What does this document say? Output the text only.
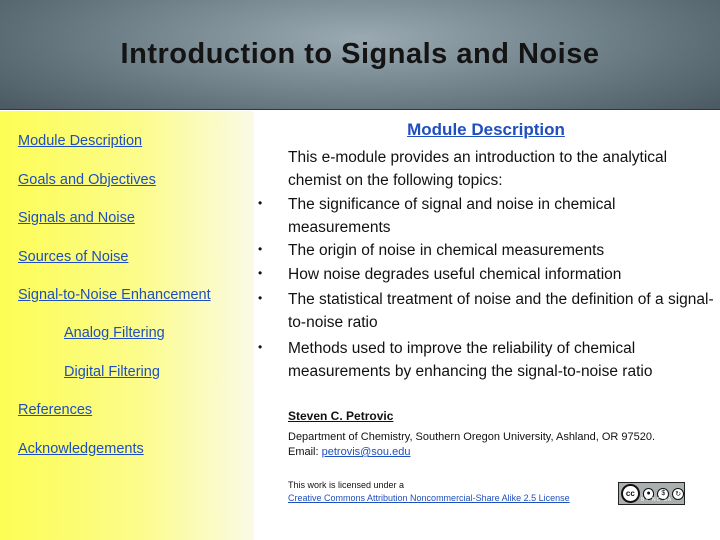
Introduction to Signals and Noise
Module Description
Goals and Objectives
Signals and Noise
Sources of Noise
Signal-to-Noise Enhancement
Analog Filtering
Digital Filtering
References
Acknowledgements
Module Description
This e-module provides an introduction to the analytical chemist on the following topics:
• The significance of signal and noise in chemical measurements
• The origin of noise in chemical measurements
• How noise degrades useful chemical information
• The statistical treatment of noise and the definition of a signal-to-noise ratio
• Methods used to improve the reliability of chemical measurements by enhancing the signal-to-noise ratio
Steven C. Petrovic
Department of Chemistry, Southern Oregon University, Ashland, OR 97520.
Email: petrovis@sou.edu
This work is licensed under a
Creative Commons Attribution Noncommercial-Share Alike 2.5 License	cc	●	$	↻
BY NC SA
